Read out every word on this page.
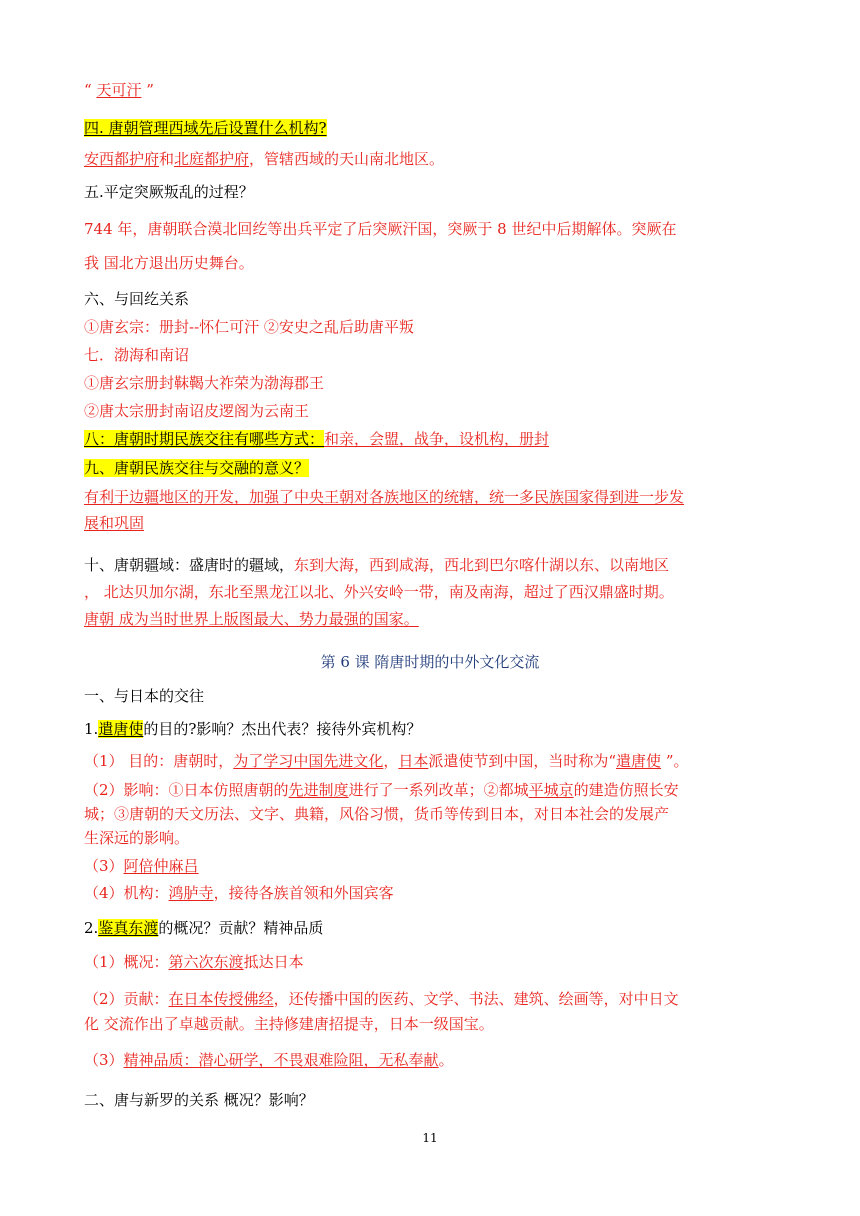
“ 天可汗 ”
四. 唐朝管理西域先后设置什么机构?
安西都护府和北庭都护府，管辖西域的天山南北地区。
五.平定突厥叛乱的过程？
744 年，唐朝联合漠北回纥等出兵平定了后突厥汗国，突厥于 8 世纪中后期解体。突厥在
我 国北方退出历史舞台。
六、与回纥关系
①唐玄宗：册封--怀仁可汗 ②安史之乱后助唐平叛
七．渤海和南诏
①唐玄宗册封靺鞨大祚荣为渤海郡王
②唐太宗册封南诏皮逻阁为云南王
八：唐朝时期民族交往有哪些方式：和亲，会盟，战争，设机构，册封
九、唐朝民族交往与交融的意义？
有利于边疆地区的开发，加强了中央王朝对各族地区的统辖，统一多民族国家得到进一步发
展和巩固
十、唐朝疆域：盛唐时的疆域，东到大海，西到咸海，西北到巴尔喀什湖以东、以南地区
， 北达贝加尔湖，东北至黑龙江以北、外兴安岭一带，南及南海，超过了西汉鼎盛时期。
唐朝 成为当时世界上版图最大、势力最强的国家。
第 6 课 隋唐时期的中外文化交流
一、与日本的交往
1.遣唐使的目的?影响？杰出代表？接待外宾机构？
（1） 目的：唐朝时，为了学习中国先进文化，日本派遣使节到中国，当时称为“遣唐使 ”。
（2）影响：①日本仿照唐朝的先进制度进行了一系列改革；②都城平城京的建造仿照长安
城；③唐朝的天文历法、文字、典籍，风俗习惯，货币等传到日本，对日本社会的发展产
生深远的影响。
（3）阿倍仲麻吕
（4）机构：鸿胪寺，接待各族首领和外国宾客
2.鉴真东渡的概况？贡献？精神品质
（1）概况：第六次东渡抵达日本
（2）贡献：在日本传授佛经，还传播中国的医药、文学、书法、建筑、绘画等，对中日文
化 交流作出了卓越贡献。主持修建唐招提寺，日本一级国宝。
（3）精神品质：潜心研学，不畏艰难险阻，无私奉献。
二、唐与新罗的关系 概况？影响？
11
